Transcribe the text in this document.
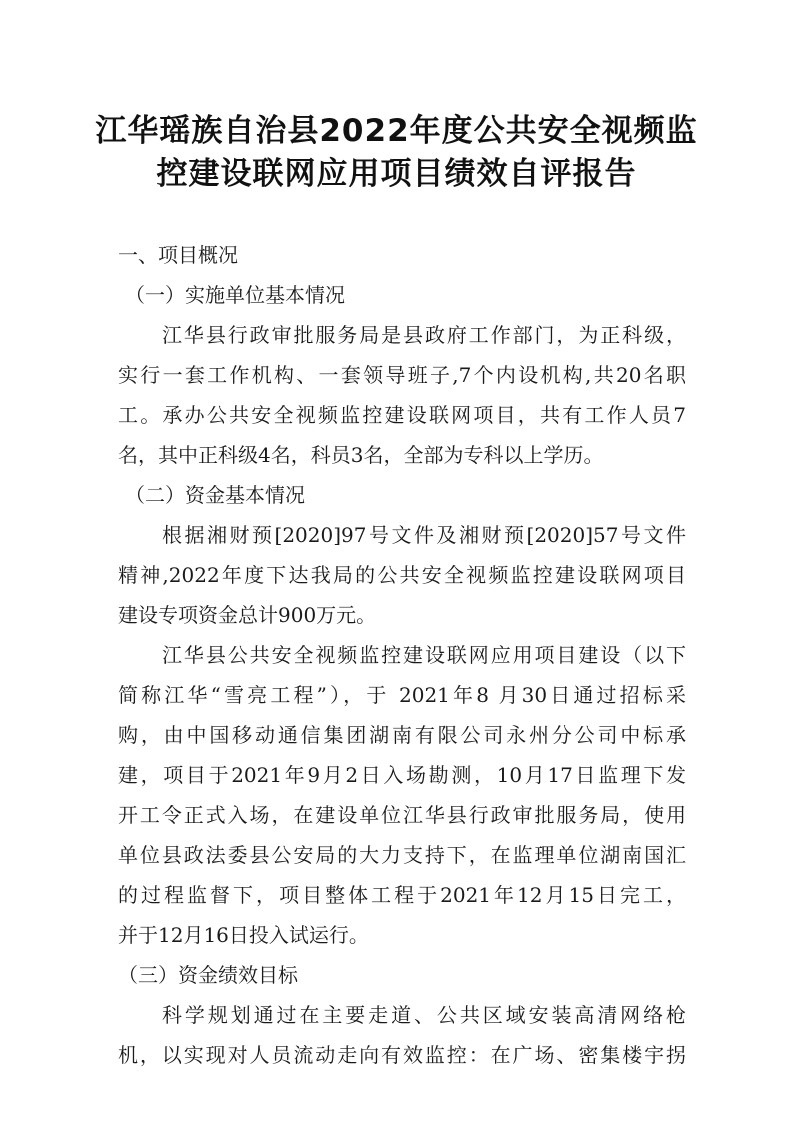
江华瑶族自治县2022年度公共安全视频监
控建设联网应用项目绩效自评报告
一、项目概况
（一）实施单位基本情况
江华县行政审批服务局是县政府工作部门，为正科级，
实行一套工作机构、一套领导班子,7个内设机构,共20名职
工。承办公共安全视频监控建设联网项目，共有工作人员7
名，其中正科级4名，科员3名，全部为专科以上学历。
（二）资金基本情况
根据湘财预[2020]97号文件及湘财预[2020]57号文件
精神,2022年度下达我局的公共安全视频监控建设联网项目
建设专项资金总计900万元。
江华县公共安全视频监控建设联网应用项目建设（以下
简称江华“雪亮工程”），于 2021年8 月30日通过招标采
购，由中国移动通信集团湖南有限公司永州分公司中标承
建，项目于2021年9月2日入场勘测，10月17日监理下发
开工令正式入场，在建设单位江华县行政审批服务局，使用
单位县政法委县公安局的大力支持下，在监理单位湖南国汇
的过程监督下，项目整体工程于2021年12月15日完工，
并于12月16日投入试运行。
（三）资金绩效目标
科学规划通过在主要走道、公共区域安装高清网络枪
机，以实现对人员流动走向有效监控：在广场、密集楼宇拐
